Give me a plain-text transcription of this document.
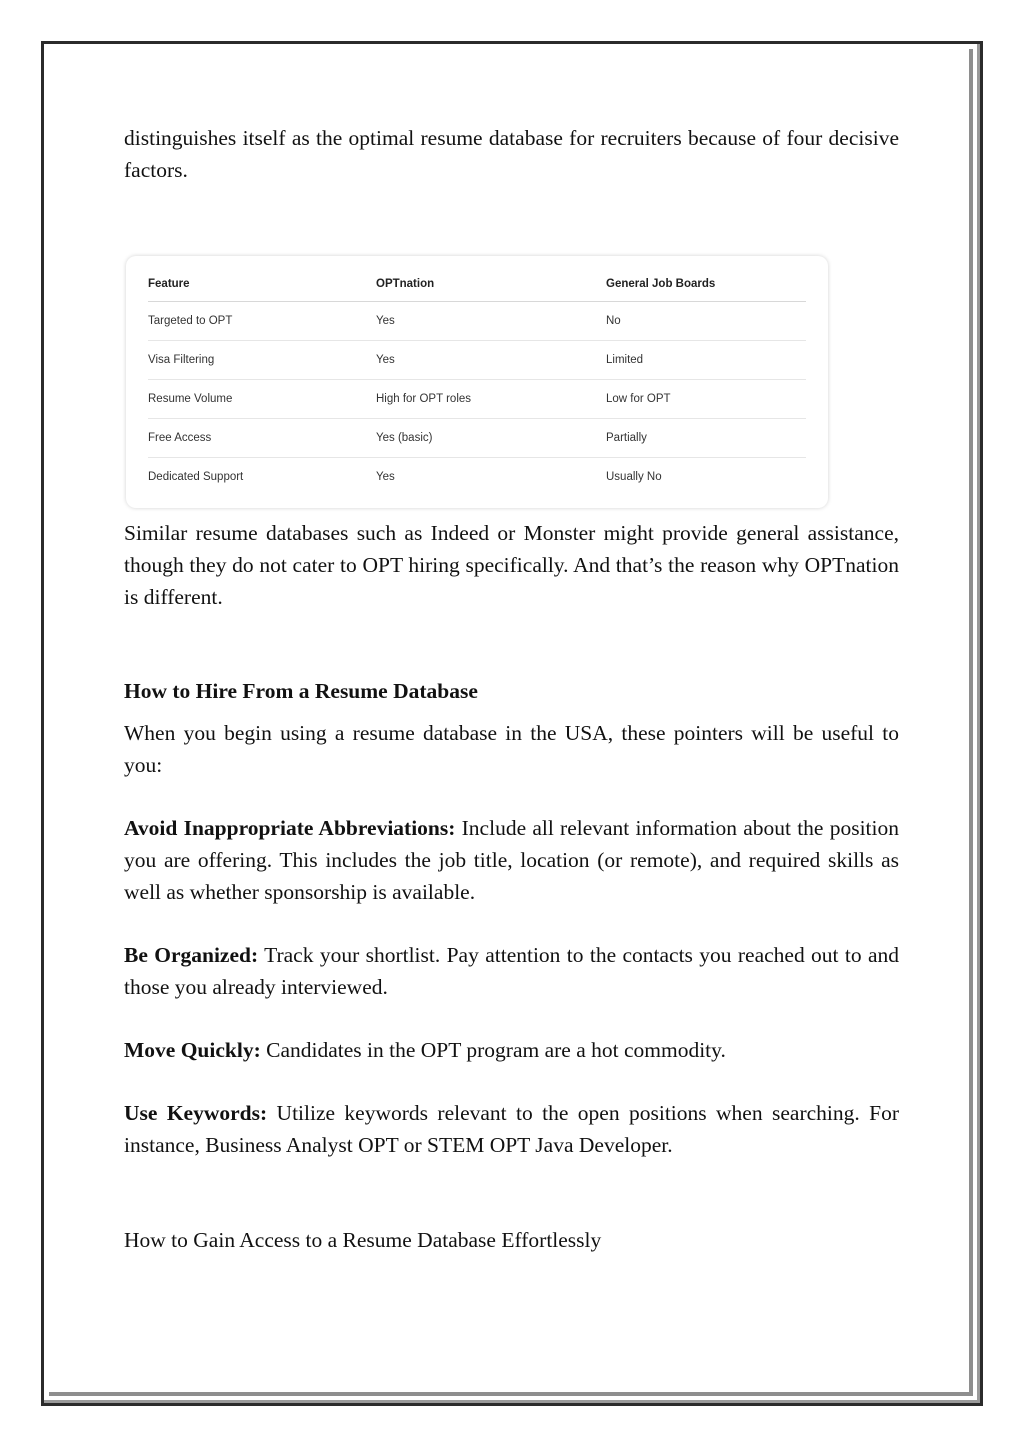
distinguishes itself as the optimal resume database for recruiters because of four decisive factors.

Feature	OPTnation	General Job Boards
Targeted to OPT	Yes	No
Visa Filtering	Yes	Limited
Resume Volume	High for OPT roles	Low for OPT
Free Access	Yes (basic)	Partially
Dedicated Support	Yes	Usually No

Similar resume databases such as Indeed or Monster might provide general assistance, though they do not cater to OPT hiring specifically. And that’s the reason why OPTnation is different.

How to Hire From a Resume Database

When you begin using a resume database in the USA, these pointers will be useful to you:

Avoid Inappropriate Abbreviations: Include all relevant information about the position you are offering. This includes the job title, location (or remote), and required skills as well as whether sponsorship is available.

Be Organized: Track your shortlist. Pay attention to the contacts you reached out to and those you already interviewed.

Move Quickly: Candidates in the OPT program are a hot commodity.

Use Keywords: Utilize keywords relevant to the open positions when searching. For instance, Business Analyst OPT or STEM OPT Java Developer.

How to Gain Access to a Resume Database Effortlessly
